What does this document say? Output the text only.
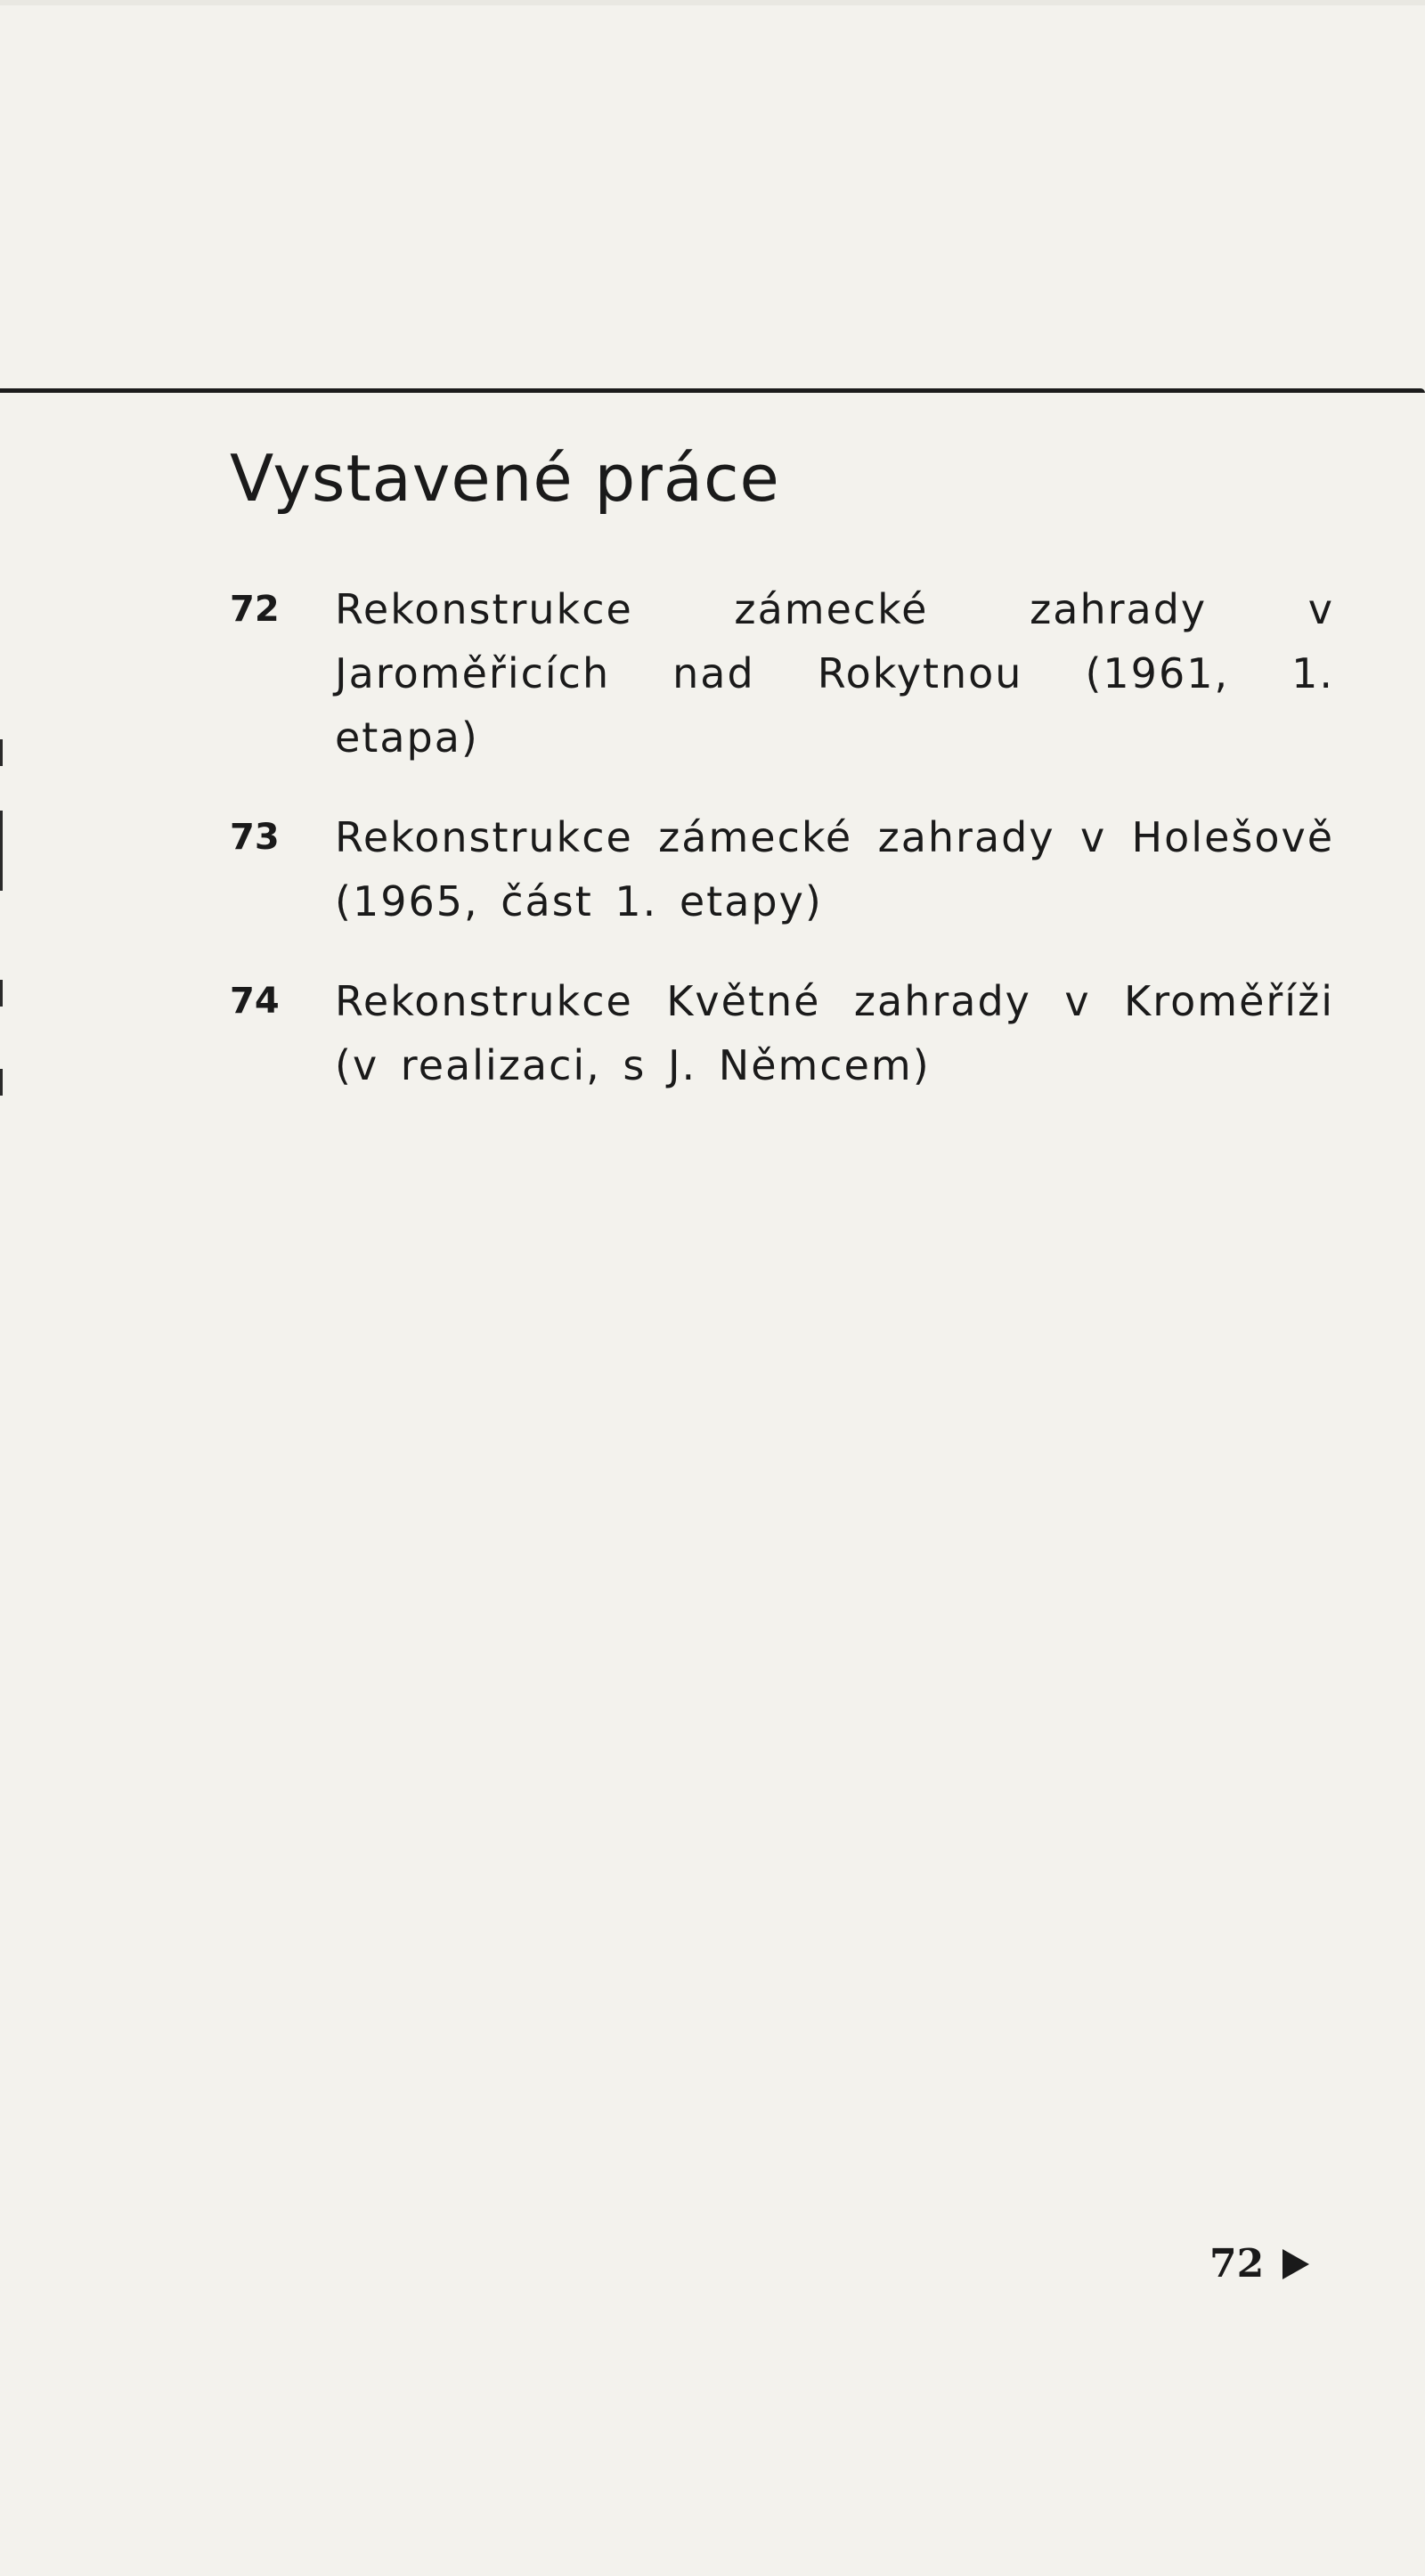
Vystavené práce
72	Rekonstrukce zámecké zahrady v Jaroměřicích nad Rokytnou (1961, 1. etapa)
73	Rekonstrukce zámecké zahrady v Holešově (1965, část 1. etapy)
74	Rekonstrukce Květné zahrady v Kroměříži (v realizaci, s J. Němcem)
72
